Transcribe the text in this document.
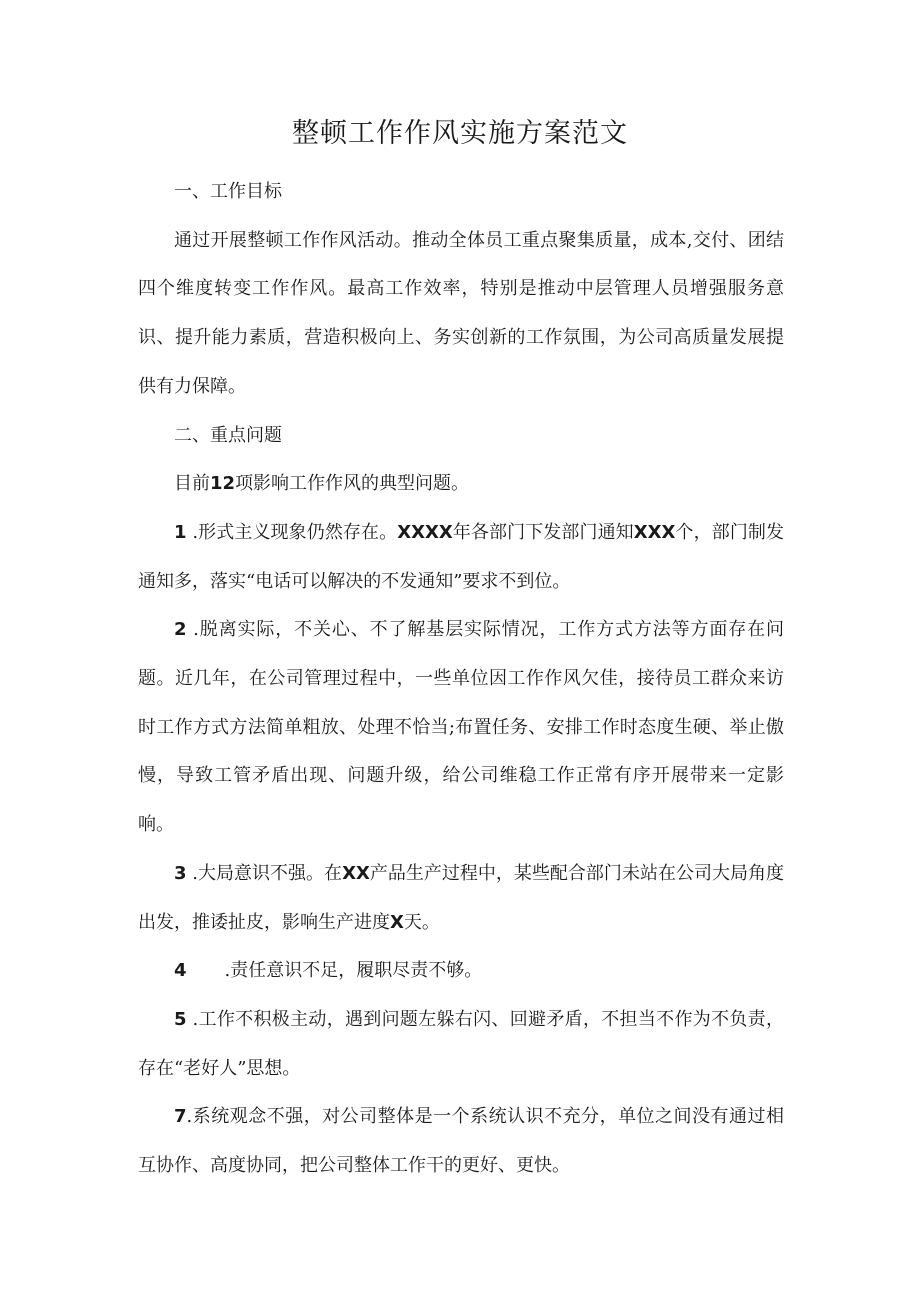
整顿工作作风实施方案范文

一、工作目标

通过开展整顿工作作风活动。推动全体员工重点聚集质量，成本,交付、团结四个维度转变工作作风。最高工作效率，特别是推动中层管理人员增强服务意识、提升能力素质，营造积极向上、务实创新的工作氛围，为公司高质量发展提供有力保障。

二、重点问题

目前12项影响工作作风的典型问题。

1 .形式主义现象仍然存在。XXXX年各部门下发部门通知XXX个，部门制发通知多，落实“电话可以解决的不发通知”要求不到位。

2 .脱离实际，不关心、不了解基层实际情况，工作方式方法等方面存在问题。近几年，在公司管理过程中，一些单位因工作作风欠佳，接待员工群众来访时工作方式方法简单粗放、处理不恰当;布置任务、安排工作时态度生硬、举止傲慢，导致工管矛盾出现、问题升级，给公司维稳工作正常有序开展带来一定影响。

3 .大局意识不强。在XX产品生产过程中，某些配合部门未站在公司大局角度出发，推诿扯皮，影响生产进度X天。

4 .责任意识不足，履职尽责不够。

5 .工作不积极主动，遇到问题左躲右闪、回避矛盾，不担当不作为不负责，存在“老好人”思想。

7.系统观念不强，对公司整体是一个系统认识不充分，单位之间没有通过相互协作、高度协同，把公司整体工作干的更好、更快。
